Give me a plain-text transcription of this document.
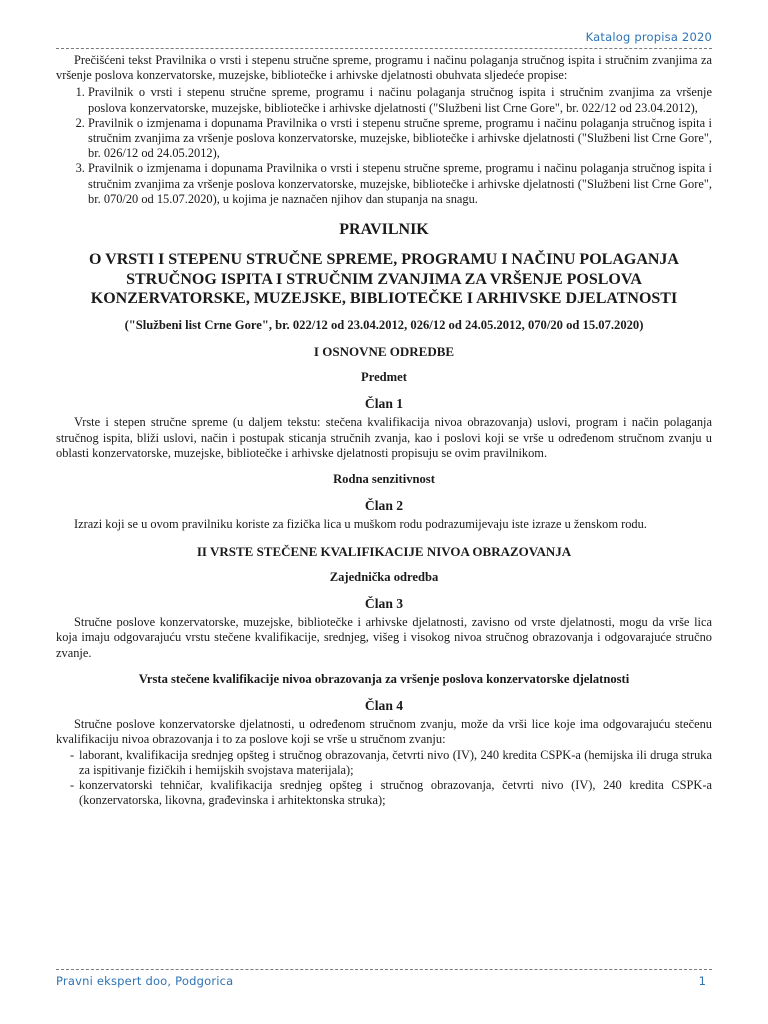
Katalog propisa 2020

Prečišćeni tekst Pravilnika o vrsti i stepenu stručne spreme, programu i načinu polaganja stručnog ispita i stručnim zvanjima za vršenje poslova konzervatorske, muzejske, bibliotečke i arhivske djelatnosti obuhvata sljedeće propise:

1. Pravilnik o vrsti i stepenu stručne spreme, programu i načinu polaganja stručnog ispita i stručnim zvanjima za vršenje poslova konzervatorske, muzejske, bibliotečke i arhivske djelatnosti ("Službeni list Crne Gore", br. 022/12 od 23.04.2012),
2. Pravilnik o izmjenama i dopunama Pravilnika o vrsti i stepenu stručne spreme, programu i načinu polaganja stručnog ispita i stručnim zvanjima za vršenje poslova konzervatorske, muzejske, bibliotečke i arhivske djelatnosti ("Službeni list Crne Gore", br. 026/12 od 24.05.2012),
3. Pravilnik o izmjenama i dopunama Pravilnika o vrsti i stepenu stručne spreme, programu i načinu polaganja stručnog ispita i stručnim zvanjima za vršenje poslova konzervatorske, muzejske, bibliotečke i arhivske djelatnosti ("Službeni list Crne Gore", br. 070/20 od 15.07.2020), u kojima je naznačen njihov dan stupanja na snagu.
PRAVILNIK
O VRSTI I STEPENU STRUČNE SPREME, PROGRAMU I NAČINU POLAGANJA STRUČNOG ISPITA I STRUČNIM ZVANJIMA ZA VRŠENJE POSLOVA KONZERVATORSKE, MUZEJSKE, BIBLIOTEČKE I ARHIVSKE DJELATNOSTI
("Službeni list Crne Gore", br. 022/12 od 23.04.2012, 026/12 od 24.05.2012, 070/20 od 15.07.2020)
I OSNOVNE ODREDBE
Predmet
Član 1

Vrste i stepen stručne spreme (u daljem tekstu: stečena kvalifikacija nivoa obrazovanja) uslovi, program i način polaganja stručnog ispita, bliži uslovi, način i postupak sticanja stručnih zvanja, kao i poslovi koji se vrše u određenom stručnom zvanju u oblasti konzervatorske, muzejske, bibliotečke i arhivske djelatnosti propisuju se ovim pravilnikom.

Rodna senzitivnost
Član 2

Izrazi koji se u ovom pravilniku koriste za fizička lica u muškom rodu podrazumijevaju iste izraze u ženskom rodu.

II VRSTE STEČENE KVALIFIKACIJE NIVOA OBRAZOVANJA
Zajednička odredba
Član 3

Stručne poslove konzervatorske, muzejske, bibliotečke i arhivske djelatnosti, zavisno od vrste djelatnosti, mogu da vrše lica koja imaju odgovarajuću vrstu stečene kvalifikacije, srednjeg, višeg i visokog nivoa stručnog obrazovanja i odgovarajuće stručno zvanje.

Vrsta stečene kvalifikacije nivoa obrazovanja za vršenje poslova konzervatorske djelatnosti
Član 4

Stručne poslove konzervatorske djelatnosti, u određenom stručnom zvanju, može da vrši lice koje ima odgovarajuću stečenu kvalifikaciju nivoa obrazovanja i to za poslove koji se vrše u stručnom zvanju:

- laborant, kvalifikacija srednjeg opšteg i stručnog obrazovanja, četvrti nivo (IV), 240 kredita CSPK-a (hemijska ili druga struka za ispitivanje fizičkih i hemijskih svojstava materijala);
- konzervatorski tehničar, kvalifikacija srednjeg opšteg i stručnog obrazovanja, četvrti nivo (IV), 240 kredita CSPK-a (konzervatorska, likovna, građevinska i arhitektonska struka);
Pravni ekspert doo, Podgorica	1
